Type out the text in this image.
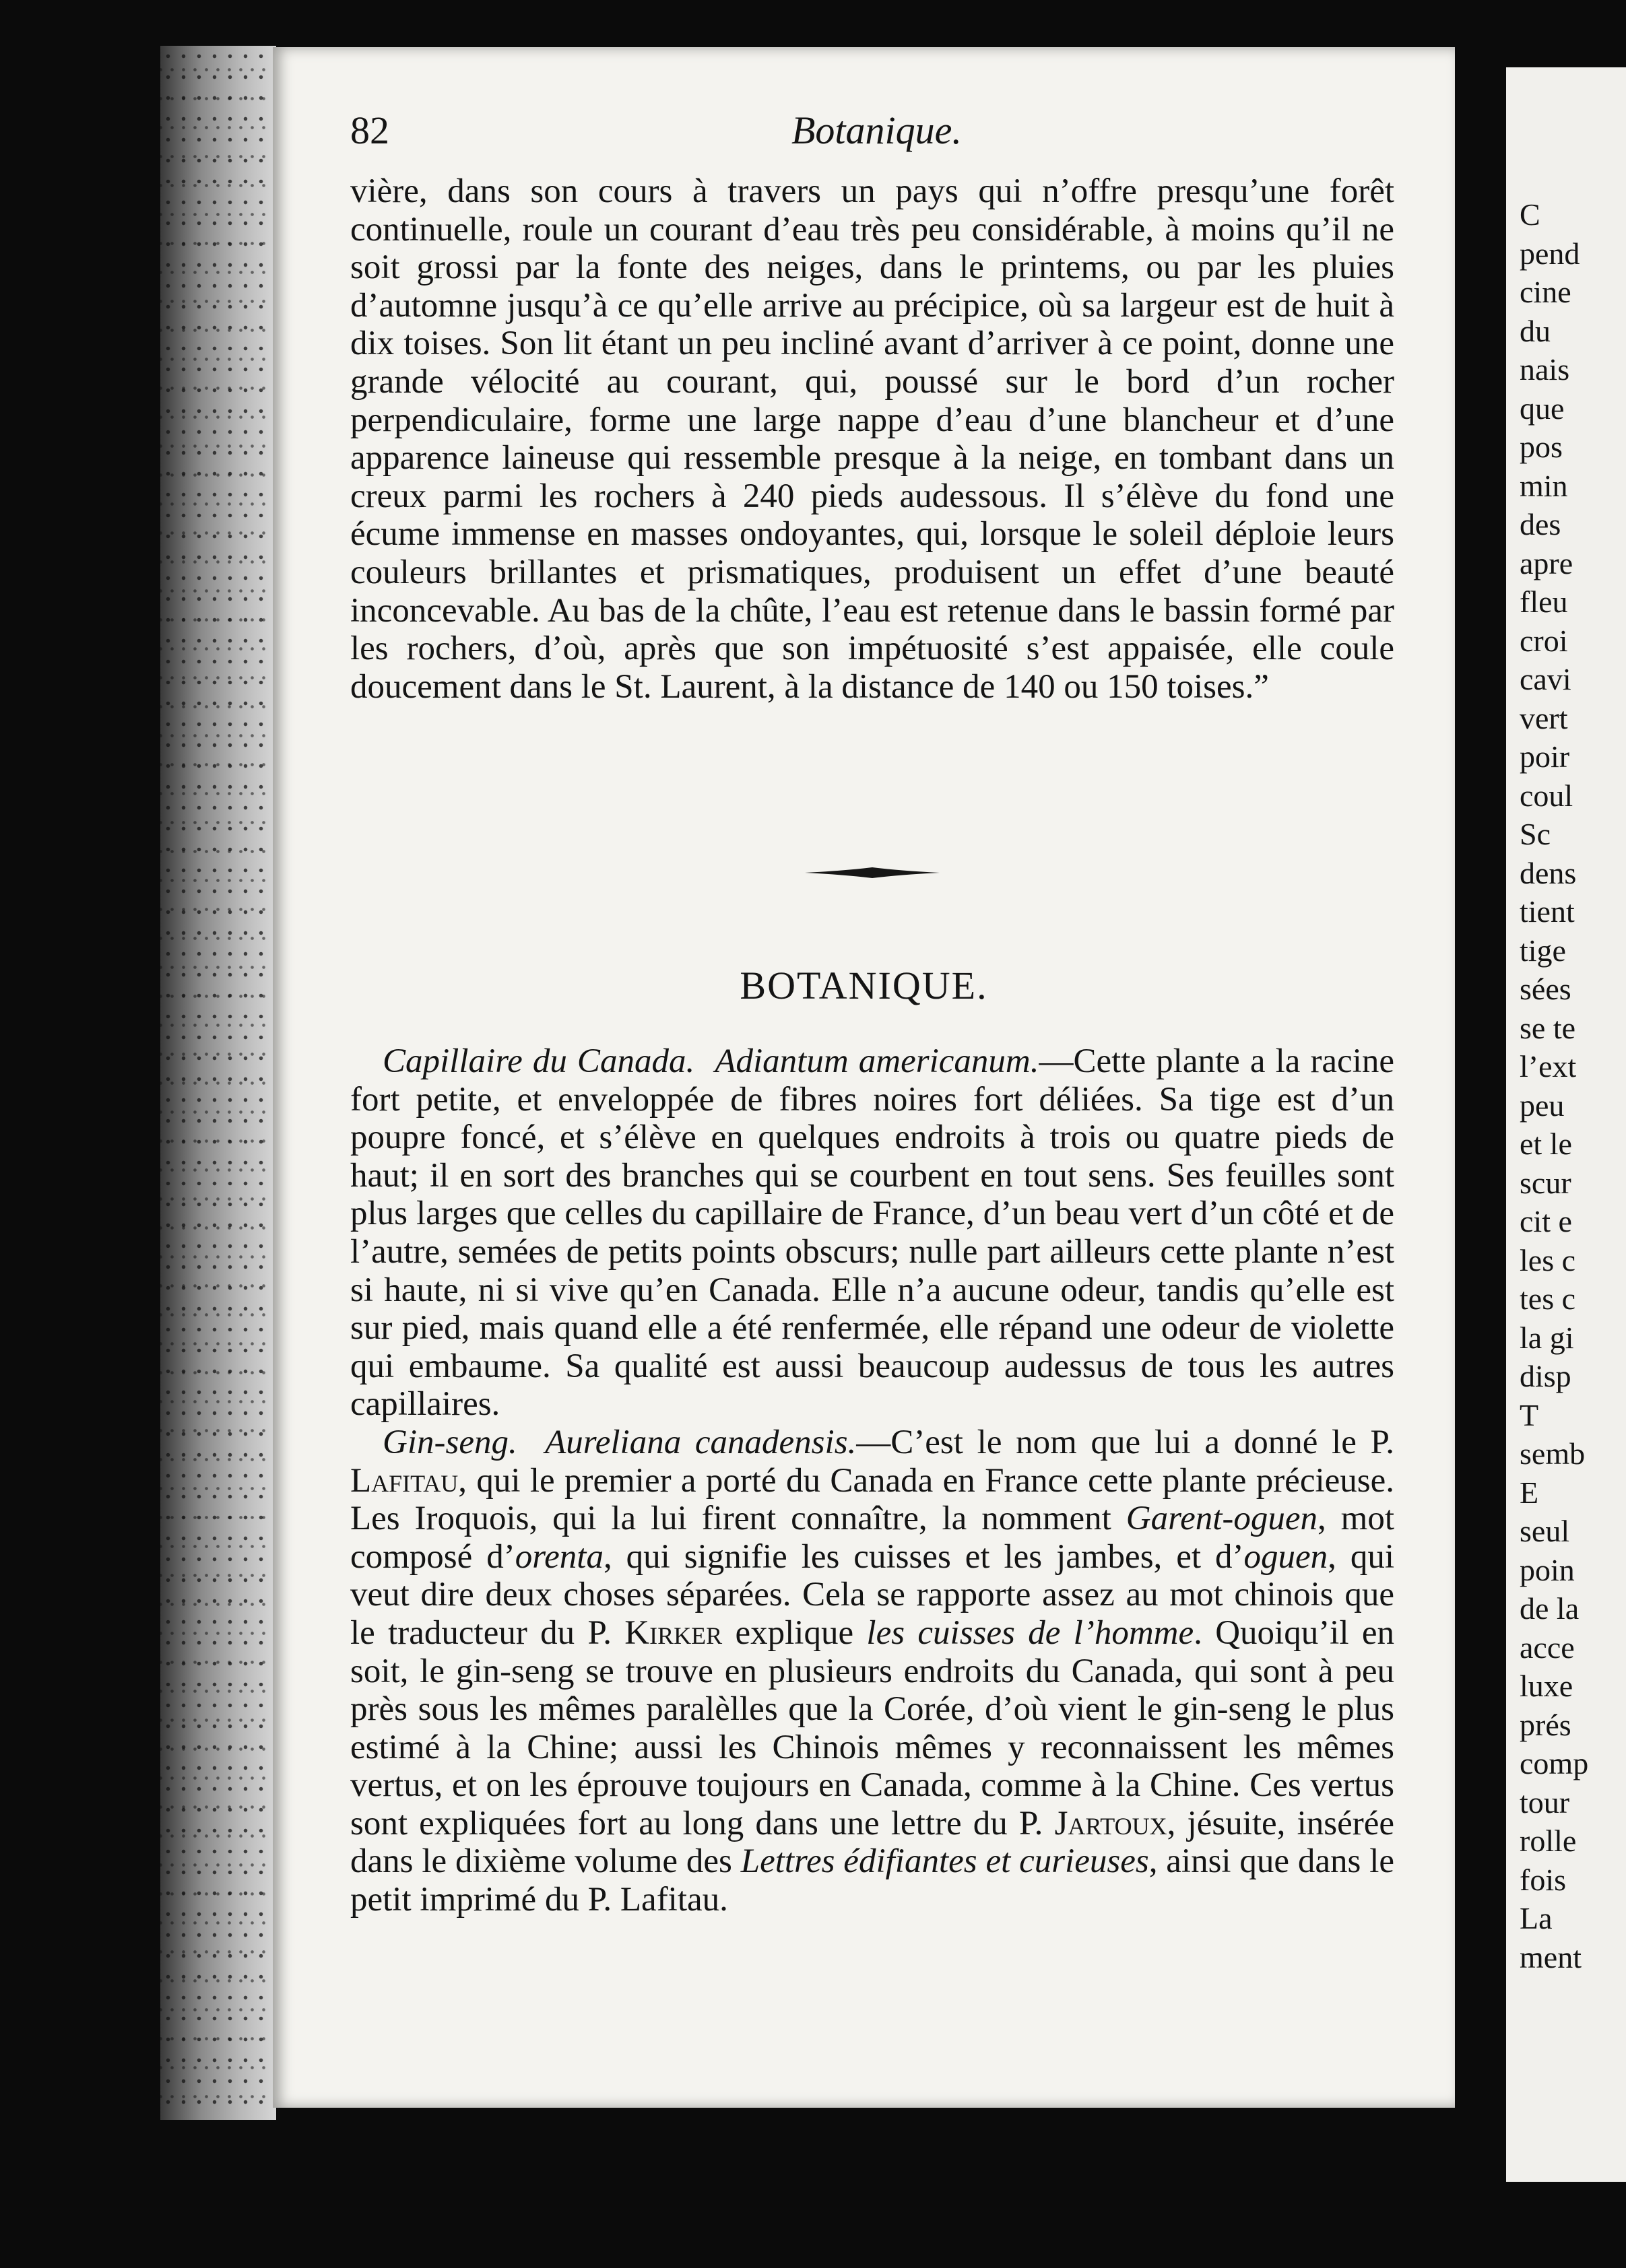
82	Botanique.

vière, dans son cours à travers un pays qui n’offre presqu’une forêt continuelle, roule un courant d’eau très peu considérable, à moins qu’il ne soit grossi par la fonte des neiges, dans le printems, ou par les pluies d’automne jusqu’à ce qu’elle arrive au précipice, où sa largeur est de huit à dix toises. Son lit étant un peu incliné avant d’arriver à ce point, donne une grande vélocité au courant, qui, poussé sur le bord d’un rocher perpendiculaire, forme une large nappe d’eau d’une blancheur et d’une apparence laineuse qui ressemble presque à la neige, en tombant dans un creux parmi les rochers à 240 pieds audessous. Il s’élève du fond une écume immense en masses ondoyantes, qui, lorsque le soleil déploie leurs couleurs brillantes et prismatiques, produisent un effet d’une beauté inconcevable. Au bas de la chûte, l’eau est retenue dans le bassin formé par les rochers, d’où, après que son impétuosité s’est appaisée, elle coule doucement dans le St. Laurent, à la distance de 140 ou 150 toises.”

BOTANIQUE.

Capillaire du Canada. Adiantum americanum.—Cette plante a la racine fort petite, et enveloppée de fibres noires fort déliées. Sa tige est d’un poupre foncé, et s’élève en quelques endroits à trois ou quatre pieds de haut; il en sort des branches qui se courbent en tout sens. Ses feuilles sont plus larges que celles du capillaire de France, d’un beau vert d’un côté et de l’autre, semées de petits points obscurs; nulle part ailleurs cette plante n’est si haute, ni si vive qu’en Canada. Elle n’a aucune odeur, tandis qu’elle est sur pied, mais quand elle a été renfermée, elle répand une odeur de violette qui embaume. Sa qualité est aussi beaucoup audessus de tous les autres capillaires.

Gin-seng. Aureliana canadensis.—C’est le nom que lui a donné le P. Lafitau, qui le premier a porté du Canada en France cette plante précieuse. Les Iroquois, qui la lui firent connaître, la nomment Garent-oguen, mot composé d’orenta, qui signifie les cuisses et les jambes, et d’oguen, qui veut dire deux choses séparées. Cela se rapporte assez au mot chinois que le traducteur du P. Kirker explique les cuisses de l’homme. Quoiqu’il en soit, le gin-seng se trouve en plusieurs endroits du Canada, qui sont à peu près sous les mêmes paralèlles que la Corée, d’où vient le gin-seng le plus estimé à la Chine; aussi les Chinois mêmes y reconnaissent les mêmes vertus, et on les éprouve toujours en Canada, comme à la Chine. Ces vertus sont expliquées fort au long dans une lettre du P. Jartoux, jésuite, insérée dans le dixième volume des Lettres édifiantes et curieuses, ainsi que dans le petit imprimé du P. Lafitau.

C
pend
cine
du
nais
que
pos
min
des
apre
fleu
croi
cavi
vert
poir
coul
Sc
dens
tient
tige
sées
se te
l’ext
peu
et le
scur
cit e
les c
tes c
la gi
disp
T
semb
E
seul
poin
de la
acce
luxe
prés
comp
tour
rolle
fois
La
ment
